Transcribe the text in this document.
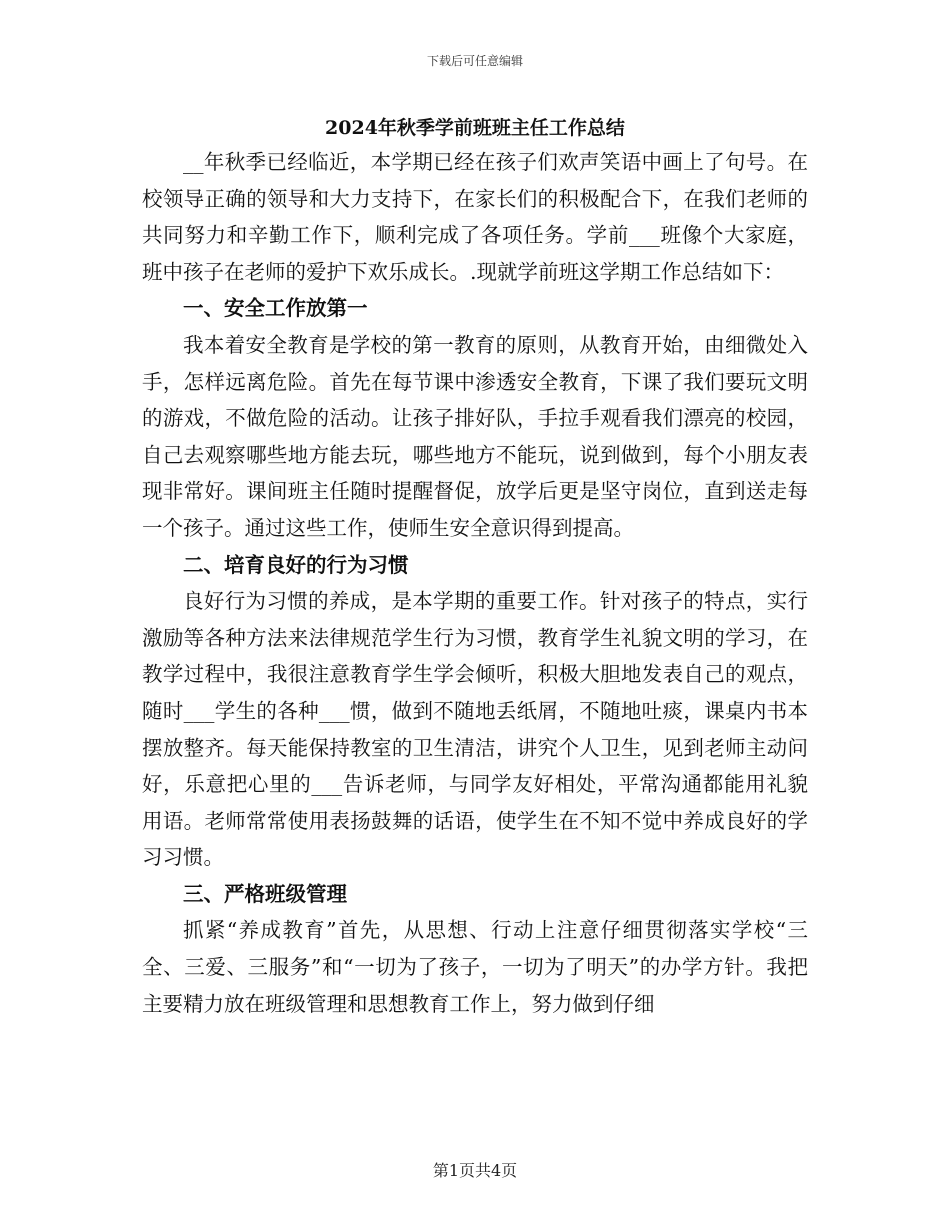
下载后可任意编辑
2024年秋季学前班班主任工作总结

__年秋季已经临近，本学期已经在孩子们欢声笑语中画上了句号。在校领导正确的领导和大力支持下，在家长们的积极配合下，在我们老师的共同努力和辛勤工作下，顺利完成了各项任务。学前___班像个大家庭，班中孩子在老师的爱护下欢乐成长。.现就学前班这学期工作总结如下：

一、安全工作放第一

我本着安全教育是学校的第一教育的原则，从教育开始，由细微处入手，怎样远离危险。首先在每节课中渗透安全教育，下课了我们要玩文明的游戏，不做危险的活动。让孩子排好队，手拉手观看我们漂亮的校园，自己去观察哪些地方能去玩，哪些地方不能玩，说到做到，每个小朋友表现非常好。课间班主任随时提醒督促，放学后更是坚守岗位，直到送走每一个孩子。通过这些工作，使师生安全意识得到提高。

二、培育良好的行为习惯

良好行为习惯的养成，是本学期的重要工作。针对孩子的特点，实行激励等各种方法来法律规范学生行为习惯，教育学生礼貌文明的学习，在教学过程中，我很注意教育学生学会倾听，积极大胆地发表自己的观点，随时___学生的各种___惯，做到不随地丢纸屑，不随地吐痰，课桌内书本摆放整齐。每天能保持教室的卫生清洁，讲究个人卫生，见到老师主动问好，乐意把心里的___告诉老师，与同学友好相处，平常沟通都能用礼貌用语。老师常常使用表扬鼓舞的话语，使学生在不知不觉中养成良好的学习习惯。

三、严格班级管理

抓紧“养成教育”首先，从思想、行动上注意仔细贯彻落实学校“三全、三爱、三服务”和“一切为了孩子，一切为了明天”的办学方针。我把主要精力放在班级管理和思想教育工作上，努力做到仔细

第1页共4页
